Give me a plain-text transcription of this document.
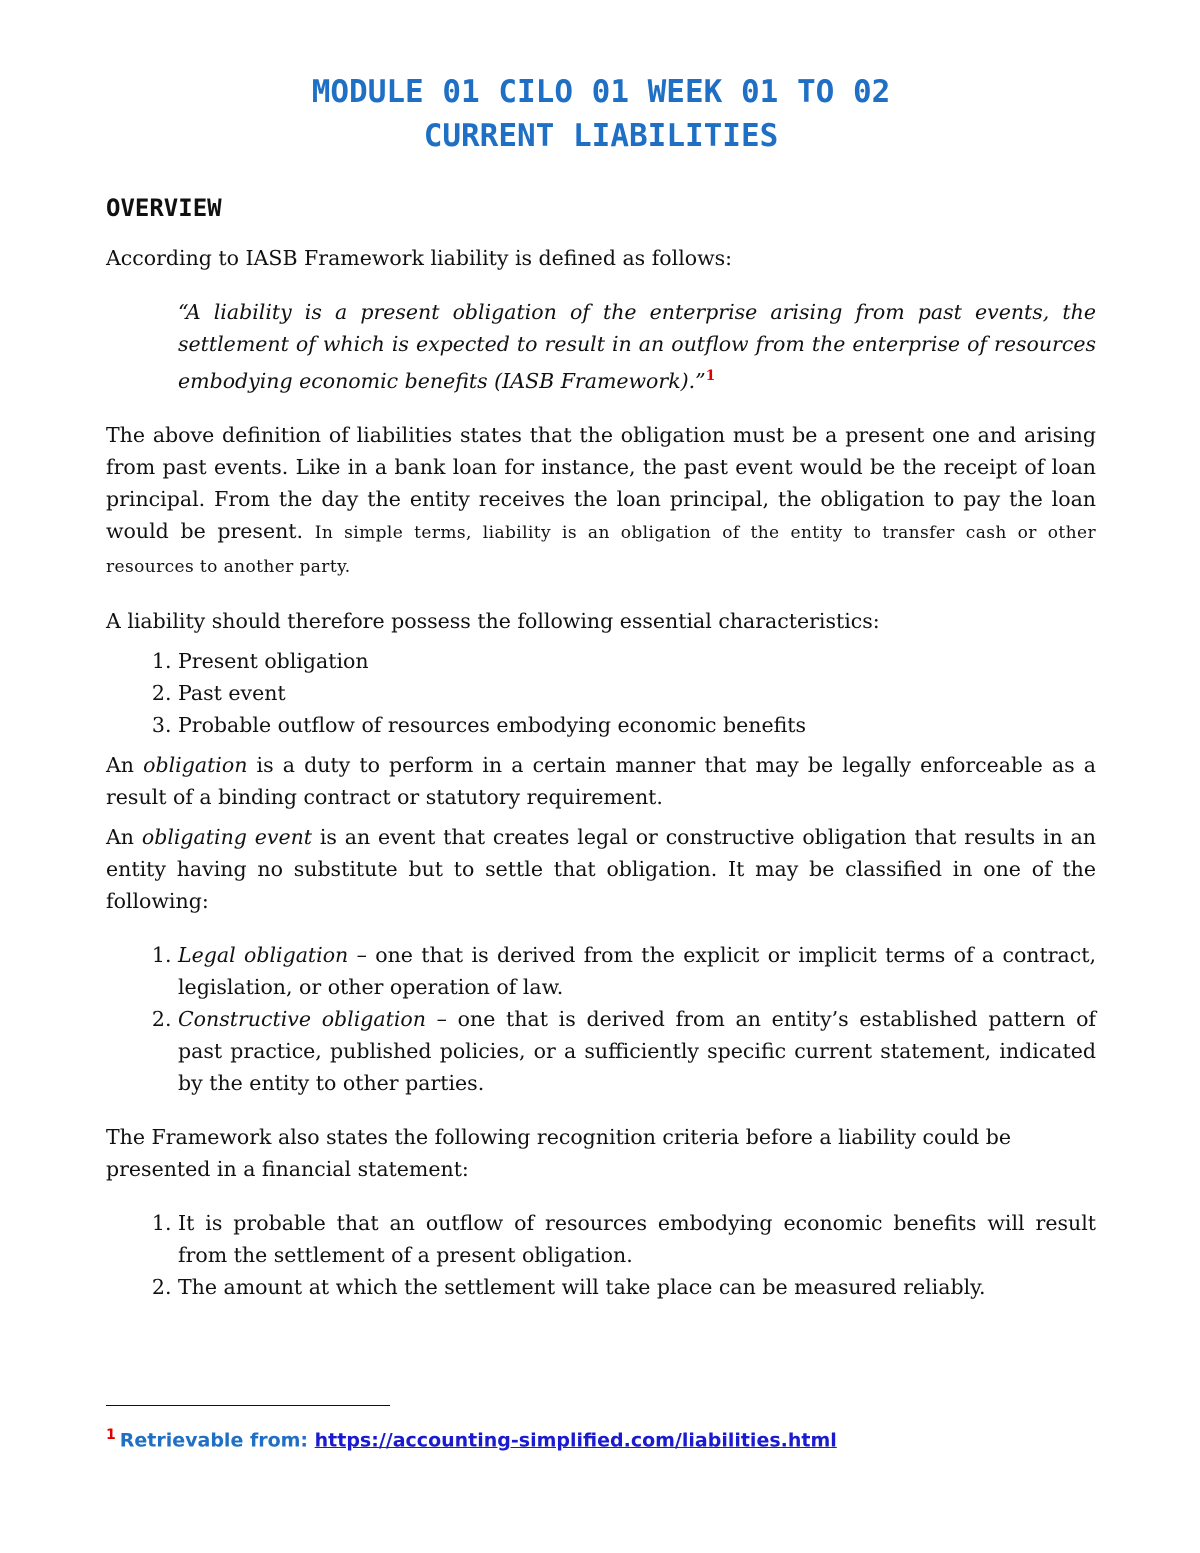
MODULE 01 CILO 01 WEEK 01 TO 02
CURRENT LIABILITIES
OVERVIEW

According to IASB Framework liability is defined as follows:

“A liability is a present obligation of the enterprise arising from past events, the settlement of which is expected to result in an outflow from the enterprise of resources embodying economic benefits (IASB Framework).”$^1$

The above definition of liabilities states that the obligation must be a present one and arising from past events. Like in a bank loan for instance, the past event would be the receipt of loan principal. From the day the entity receives the loan principal, the obligation to pay the loan would be present. In simple terms, liability is an obligation of the entity to transfer cash or other resources to another party.

A liability should therefore possess the following essential characteristics:

1. Present obligation
2. Past event
3. Probable outflow of resources embodying economic benefits

An obligation is a duty to perform in a certain manner that may be legally enforceable as a result of a binding contract or statutory requirement.

An obligating event is an event that creates legal or constructive obligation that results in an entity having no substitute but to settle that obligation. It may be classified in one of the following:

1. Legal obligation – one that is derived from the explicit or implicit terms of a contract, legislation, or other operation of law.
2. Constructive obligation – one that is derived from an entity’s established pattern of past practice, published policies, or a sufficiently specific current statement, indicated by the entity to other parties.

The Framework also states the following recognition criteria before a liability could be presented in a financial statement:

1. It is probable that an outflow of resources embodying economic benefits will result from the settlement of a present obligation.
2. The amount at which the settlement will take place can be measured reliably.
$^1$ Retrievable from: https://accounting-simplified.com/liabilities.html
